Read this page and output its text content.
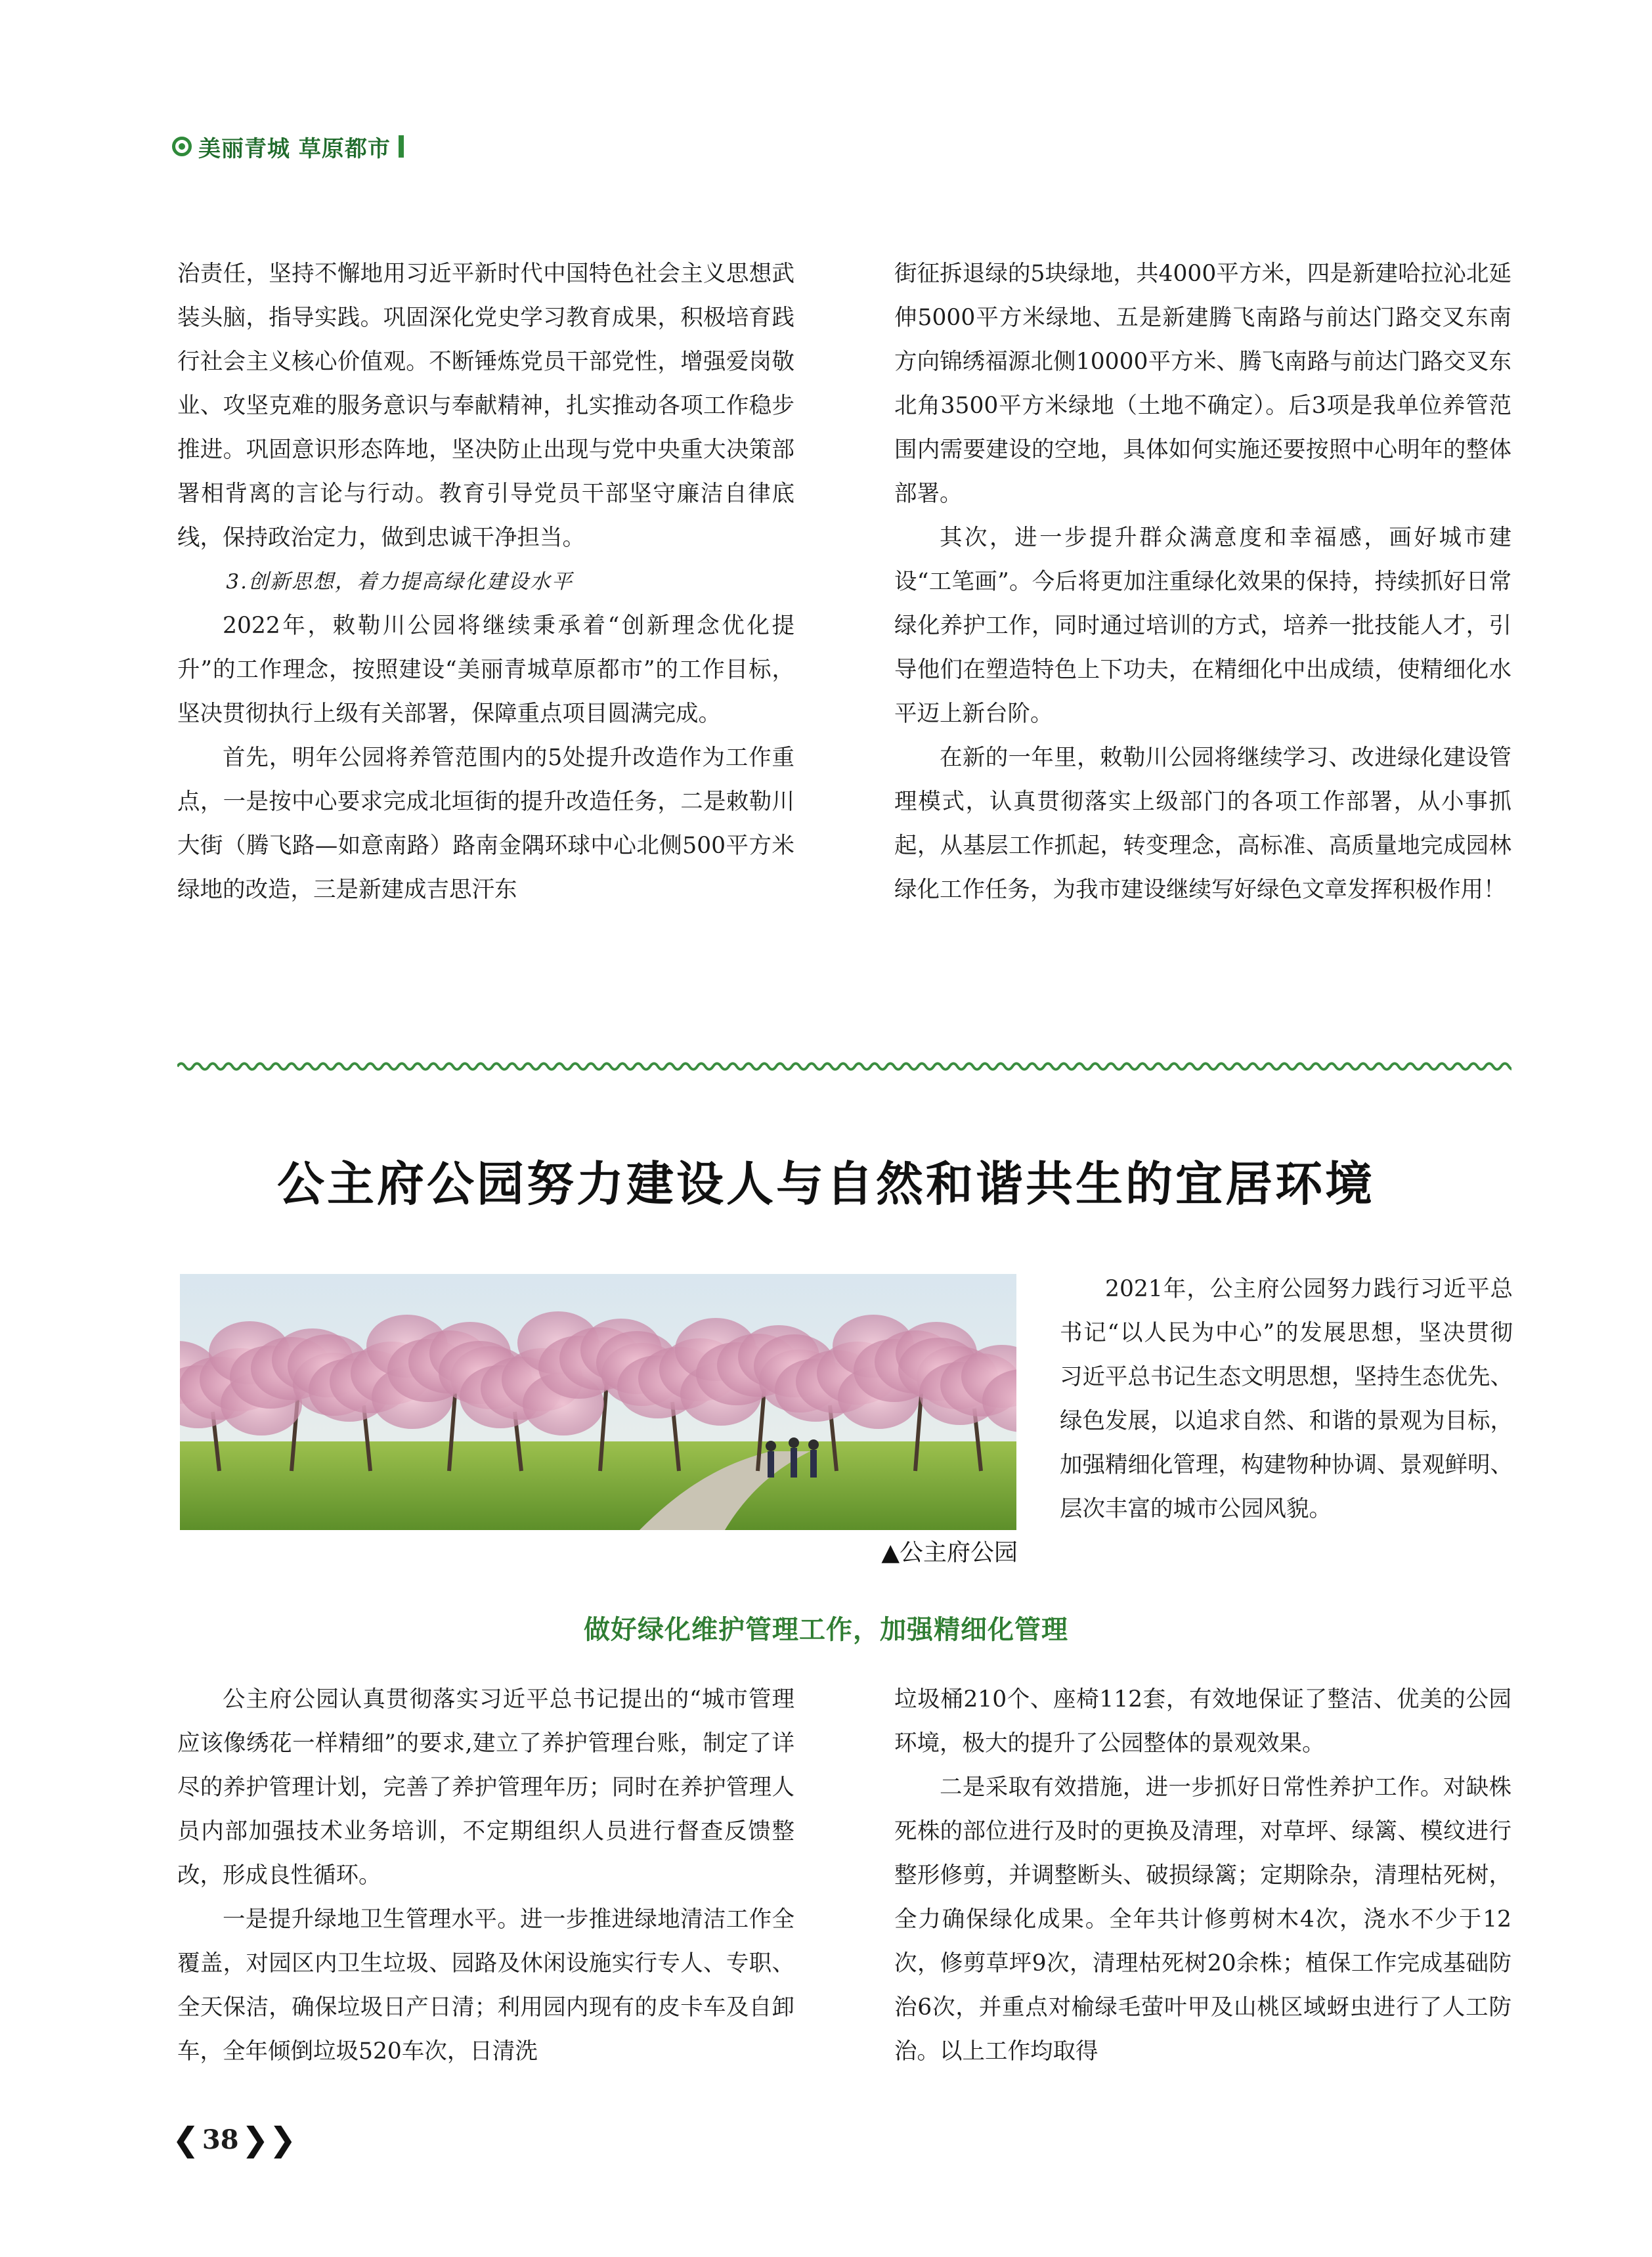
美丽青城 草原都市

治责任，坚持不懈地用习近平新时代中国特色社会主义思想武装头脑，指导实践。巩固深化党史学习教育成果，积极培育践行社会主义核心价值观。不断锤炼党员干部党性，增强爱岗敬业、攻坚克难的服务意识与奉献精神，扎实推动各项工作稳步推进。巩固意识形态阵地，坚决防止出现与党中央重大决策部署相背离的言论与行动。教育引导党员干部坚守廉洁自律底线，保持政治定力，做到忠诚干净担当。

3.创新思想，着力提高绿化建设水平

2022年，敕勒川公园将继续秉承着“创新理念优化提升”的工作理念，按照建设“美丽青城草原都市”的工作目标，坚决贯彻执行上级有关部署，保障重点项目圆满完成。

首先，明年公园将养管范围内的5处提升改造作为工作重点，一是按中心要求完成北垣街的提升改造任务，二是敕勒川大街（腾飞路—如意南路）路南金隅环球中心北侧500平方米绿地的改造，三是新建成吉思汗东

街征拆退绿的5块绿地，共4000平方米，四是新建哈拉沁北延伸5000平方米绿地、五是新建腾飞南路与前达门路交叉东南方向锦绣福源北侧10000平方米、腾飞南路与前达门路交叉东北角3500平方米绿地（土地不确定）。后3项是我单位养管范围内需要建设的空地，具体如何实施还要按照中心明年的整体部署。

其次，进一步提升群众满意度和幸福感，画好城市建设“工笔画”。今后将更加注重绿化效果的保持，持续抓好日常绿化养护工作，同时通过培训的方式，培养一批技能人才，引导他们在塑造特色上下功夫，在精细化中出成绩，使精细化水平迈上新台阶。

在新的一年里，敕勒川公园将继续学习、改进绿化建设管理模式，认真贯彻落实上级部门的各项工作部署，从小事抓起，从基层工作抓起，转变理念，高标准、高质量地完成园林绿化工作任务，为我市建设继续写好绿色文章发挥积极作用！

公主府公园努力建设人与自然和谐共生的宜居环境
▲公主府公园

2021年，公主府公园努力践行习近平总书记“以人民为中心”的发展思想，坚决贯彻习近平总书记生态文明思想，坚持生态优先、绿色发展，以追求自然、和谐的景观为目标，加强精细化管理，构建物种协调、景观鲜明、层次丰富的城市公园风貌。

做好绿化维护管理工作，加强精细化管理

公主府公园认真贯彻落实习近平总书记提出的“城市管理应该像绣花一样精细”的要求,建立了养护管理台账，制定了详尽的养护管理计划，完善了养护管理年历；同时在养护管理人员内部加强技术业务培训，不定期组织人员进行督查反馈整改，形成良性循环。

一是提升绿地卫生管理水平。进一步推进绿地清洁工作全覆盖，对园区内卫生垃圾、园路及休闲设施实行专人、专职、全天保洁，确保垃圾日产日清；利用园内现有的皮卡车及自卸车，全年倾倒垃圾520车次，日清洗

垃圾桶210个、座椅112套，有效地保证了整洁、优美的公园环境，极大的提升了公园整体的景观效果。

二是采取有效措施，进一步抓好日常性养护工作。对缺株死株的部位进行及时的更换及清理，对草坪、绿篱、模纹进行整形修剪，并调整断头、破损绿篱；定期除杂，清理枯死树，全力确保绿化成果。全年共计修剪树木4次，浇水不少于12次，修剪草坪9次，清理枯死树20余株；植保工作完成基础防治6次，并重点对榆绿毛萤叶甲及山桃区域蚜虫进行了人工防治。以上工作均取得

❮ 38 ❯❯
